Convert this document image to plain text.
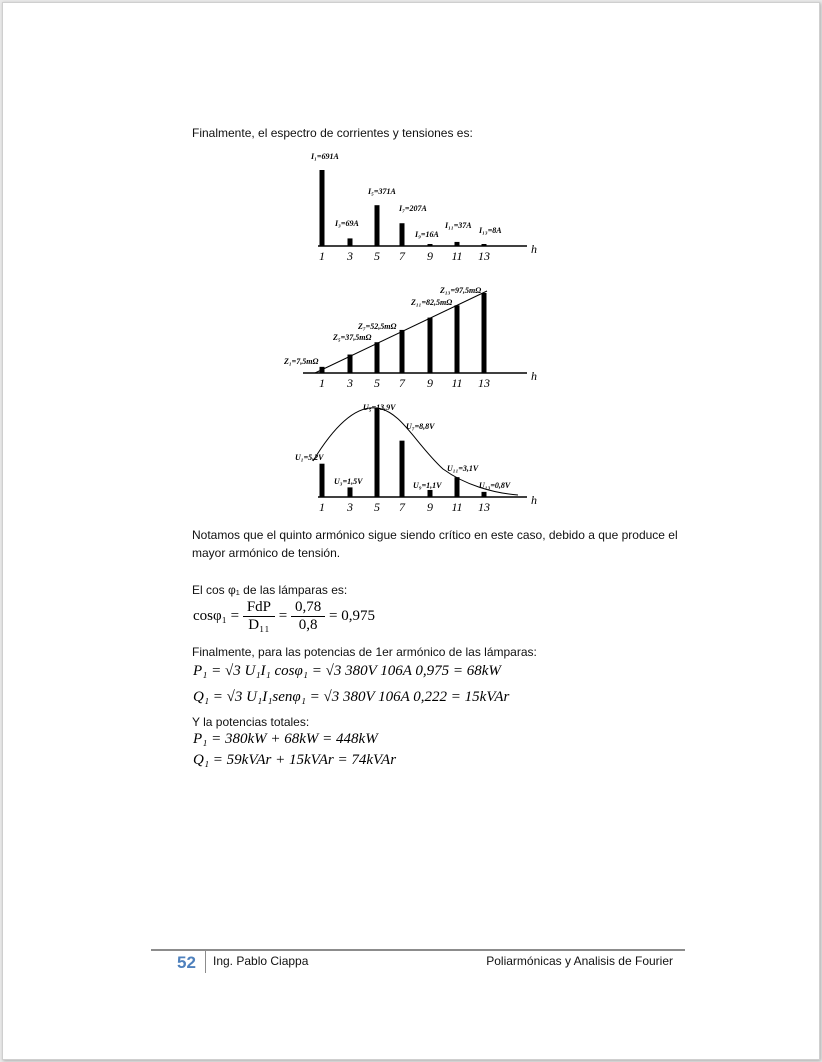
Finalmente, el espectro de corrientes y tensiones es:
1 3 5 7 9 11 13	h
I₁=691A
I₃=69A
I₅=371A
I₇=207A
I₉=16A
I₁₁=37A
I₁₃=8A
1 3 5 7 9 11 13	h
Z₁=7,5mΩ
Z₅=37,5mΩ
Z₇=52,5mΩ
Z₁₁=82,5mΩ
Z₁₃=97,5mΩ
1 3 5 7 9 11 13	h
U₁=5,2V
U₃=1,5V
U₅=13,9V
U₇=8,8V
U₉=1,1V
U₁₁=3,1V
U₁₃=0,8V
Notamos que el quinto armónico sigue siendo crítico en este caso, debido a que produce el
mayor armónico de tensión.
El cos φ₁ de las lámparas es:
$\cos\varphi_1 = \frac{\text{FdP}}{\text{D₁₁}} = \frac{0,78}{0,8} = 0,975$
Finalmente, para las potencias de 1er armónico de las lámparas:
P₁ = √3 U₁I₁ cosφ₁ = √3 380V 106A 0,975 = 68kW
Q₁ = √3 U₁I₁senφ₁ = √3 380V 106A 0,222 = 15kVAr
Y la potencias totales:
P₁ = 380kW + 68kW = 448kW
Q₁ = 59kVAr + 15kVAr = 74kVAr
52 Ing. Pablo Ciappa	Poliarmónicas y Analisis de Fourier
